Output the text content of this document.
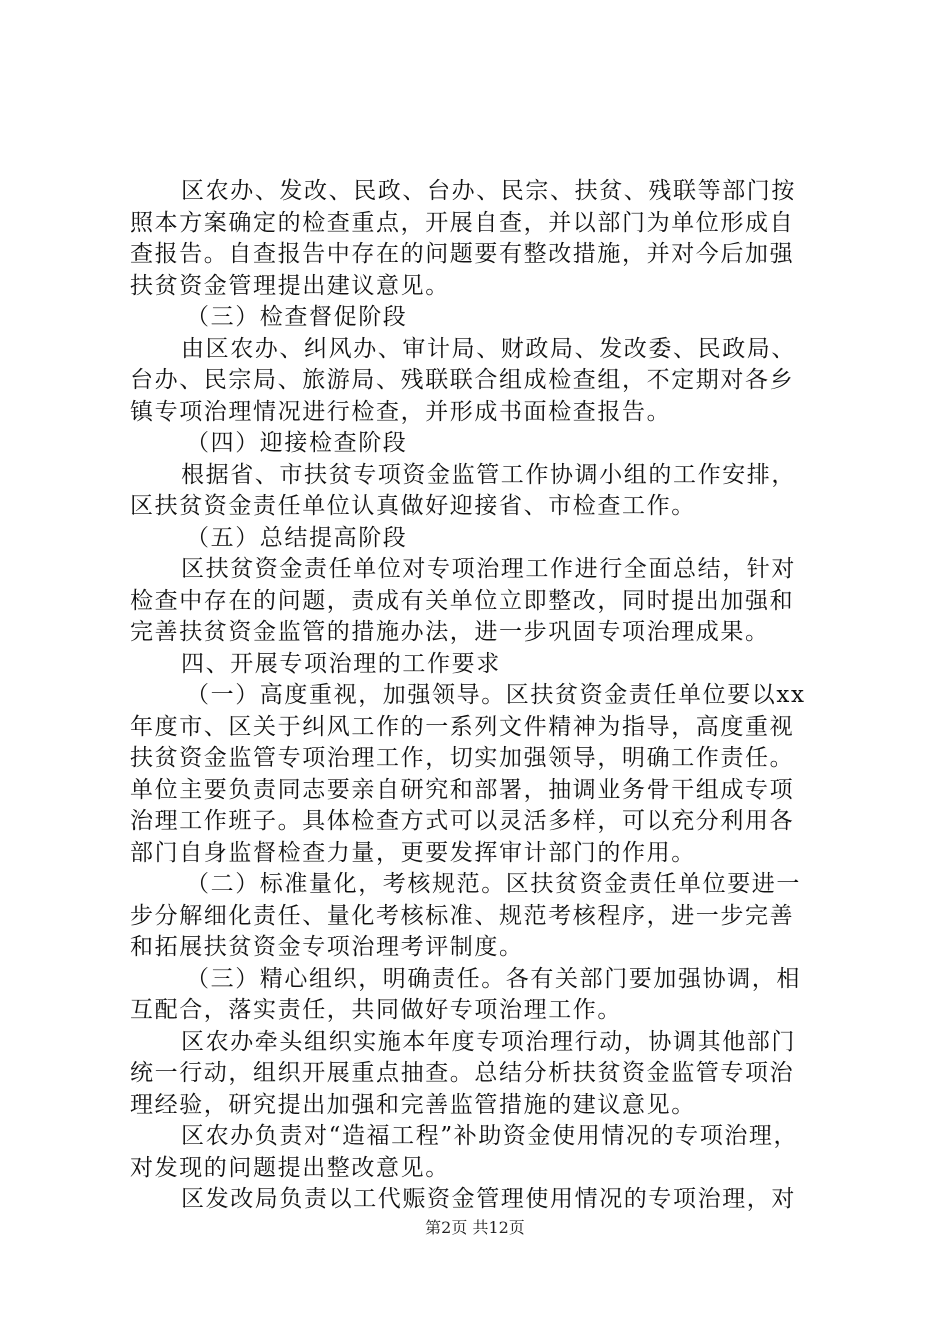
区农办、发改、民政、台办、民宗、扶贫、残联等部门按
照本方案确定的检查重点，开展自查，并以部门为单位形成自
查报告。自查报告中存在的问题要有整改措施，并对今后加强
扶贫资金管理提出建议意见。
（三）检查督促阶段
由区农办、纠风办、审计局、财政局、发改委、民政局、
台办、民宗局、旅游局、残联联合组成检查组，不定期对各乡
镇专项治理情况进行检查，并形成书面检查报告。
（四）迎接检查阶段
根据省、市扶贫专项资金监管工作协调小组的工作安排，
区扶贫资金责任单位认真做好迎接省、市检查工作。
（五）总结提高阶段
区扶贫资金责任单位对专项治理工作进行全面总结，针对
检查中存在的问题，责成有关单位立即整改，同时提出加强和
完善扶贫资金监管的措施办法，进一步巩固专项治理成果。
四、开展专项治理的工作要求
（一）高度重视，加强领导。区扶贫资金责任单位要以xx
年度市、区关于纠风工作的一系列文件精神为指导，高度重视
扶贫资金监管专项治理工作，切实加强领导，明确工作责任。
单位主要负责同志要亲自研究和部署，抽调业务骨干组成专项
治理工作班子。具体检查方式可以灵活多样，可以充分利用各
部门自身监督检查力量，更要发挥审计部门的作用。
（二）标准量化，考核规范。区扶贫资金责任单位要进一
步分解细化责任、量化考核标准、规范考核程序，进一步完善
和拓展扶贫资金专项治理考评制度。
（三）精心组织，明确责任。各有关部门要加强协调，相
互配合，落实责任，共同做好专项治理工作。
区农办牵头组织实施本年度专项治理行动，协调其他部门
统一行动，组织开展重点抽查。总结分析扶贫资金监管专项治
理经验，研究提出加强和完善监管措施的建议意见。
区农办负责对“造福工程”补助资金使用情况的专项治理，
对发现的问题提出整改意见。
区发改局负责以工代赈资金管理使用情况的专项治理，对
第2页 共12页
